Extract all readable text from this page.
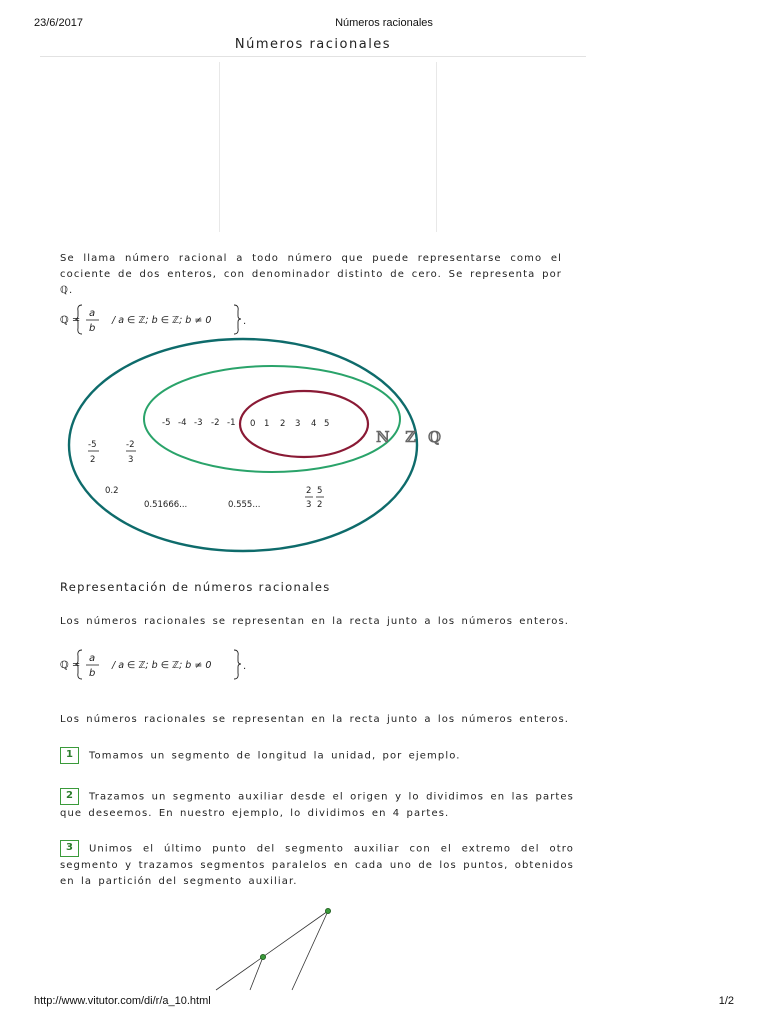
23/6/2017	Números racionales
Números racionales

Se llama número racional a todo número que puede representarse como el cociente de dos enteros, con denominador distinto de cero. Se representa por ℚ.

ℚ =
a
b
/ a ∈ ℤ; b ∈ ℤ; b ≠ 0	.
0 1 2 3 4 5
-5 -4 -3 -2 -1
-5
2
-2
3
2
3
5
2
0.2
0.51666...	0.555...
ℕ ℤ ℚ
Representación de números racionales

Los números racionales se representan en la recta junto a los números enteros.

ℚ =
a
b
/ a ∈ ℤ; b ∈ ℤ; b ≠ 0	.

Los números racionales se representan en la recta junto a los números enteros.

1 Tomamos un segmento de longitud la unidad, por ejemplo.
2 Trazamos un segmento auxiliar desde el origen y lo dividimos en las partes que deseemos. En nuestro ejemplo, lo dividimos en 4 partes.
3 Unimos el último punto del segmento auxiliar con el extremo del otro segmento y trazamos segmentos paralelos en cada uno de los puntos, obtenidos en la partición del segmento auxiliar.
http://www.vitutor.com/di/r/a_10.html	1/2
